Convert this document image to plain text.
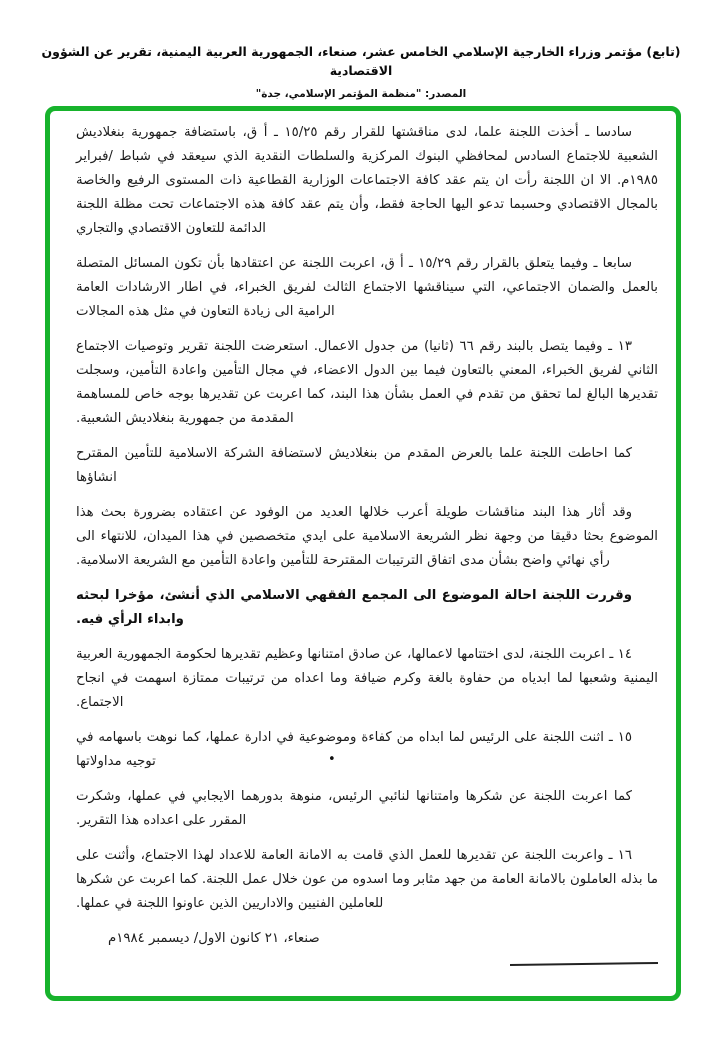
(تابع) مؤتمر وزراء الخارجية الإسلامي الخامس عشر، صنعاء، الجمهورية العربية اليمنية، تقرير عن الشؤون الاقتصادية
المصدر: "منظمة المؤتمر الإسلامي، جدة"

سادسا ـ أخذت اللجنة علما، لدى مناقشتها للقرار رقم ١٥/٢٥ ـ أ ق، باستضافة جمهورية بنغلاديش الشعبية للاجتماع السادس لمحافظي البنوك المركزية والسلطات النقدية الذي سيعقد في شباط /فبراير ١٩٨٥م. الا ان اللجنة رأت ان يتم عقد كافة الاجتماعات الوزارية القطاعية ذات المستوى الرفيع والخاصة بالمجال الاقتصادي وحسبما تدعو اليها الحاجة فقط، وأن يتم عقد كافة هذه الاجتماعات تحت مظلة اللجنة الدائمة للتعاون الاقتصادي والتجاري

سابعا ـ وفيما يتعلق بالقرار رقم ١٥/٢٩ ـ أ ق، اعربت اللجنة عن اعتقادها بأن تكون المسائل المتصلة بالعمل والضمان الاجتماعي، التي سيناقشها الاجتماع الثالث لفريق الخبراء، في اطار الارشادات العامة الرامية الى زيادة التعاون في مثل هذه المجالات

١٣ ـ وفيما يتصل بالبند رقم ٦٦ (ثانيا) من جدول الاعمال. استعرضت اللجنة تقرير وتوصيات الاجتماع الثاني لفريق الخبراء، المعني بالتعاون فيما بين الدول الاعضاء، في مجال التأمين واعادة التأمين، وسجلت تقديرها البالغ لما تحقق من تقدم في العمل بشأن هذا البند، كما اعربت عن تقديرها بوجه خاص للمساهمة المقدمة من جمهورية بنغلاديش الشعبية.

كما احاطت اللجنة علما بالعرض المقدم من بنغلاديش لاستضافة الشركة الاسلامية للتأمين المقترح انشاؤها

وقد أثار هذا البند مناقشات طويلة أعرب خلالها العديد من الوفود عن اعتقاده بضرورة بحث هذا الموضوع بحثا دقيقا من وجهة نظر الشريعة الاسلامية على ايدي متخصصين في هذا الميدان، للانتهاء الى رأي نهائي واضح بشأن مدى اتفاق الترتيبات المقترحة للتأمين واعادة التأمين مع الشريعة الاسلامية.

وقررت اللجنة احالة الموضوع الى المجمع الفقهي الاسلامي الذي أنشئ، مؤخرا لبحثه وابداء الرأي فيه.

١٤ ـ اعربت اللجنة، لدى اختتامها لاعمالها، عن صادق امتنانها وعظيم تقديرها لحكومة الجمهورية العربية اليمنية وشعبها لما ابدياه من حفاوة بالغة وكرم ضيافة وما اعداه من ترتيبات ممتازة اسهمت في انجاح الاجتماع.

١٥ ـ اثنت اللجنة على الرئيس لما ابداه من كفاءة وموضوعية في ادارة عملها، كما نوهت باسهامه في توجيه مداولاتها	•

كما اعربت اللجنة عن شكرها وامتنانها لنائبي الرئيس، منوهة بدورهما الايجابي في عملها، وشكرت المقرر على اعداده هذا التقرير.

١٦ ـ واعربت اللجنة عن تقديرها للعمل الذي قامت به الامانة العامة للاعداد لهذا الاجتماع، وأثنت على ما بذله العاملون بالامانة العامة من جهد مثابر وما اسدوه من عون خلال عمل اللجنة. كما اعربت عن شكرها للعاملين الفنيين والاداريين الذين عاونوا اللجنة في عملها.

صنعاء، ٢١ كانون الاول/ ديسمبر ١٩٨٤م
